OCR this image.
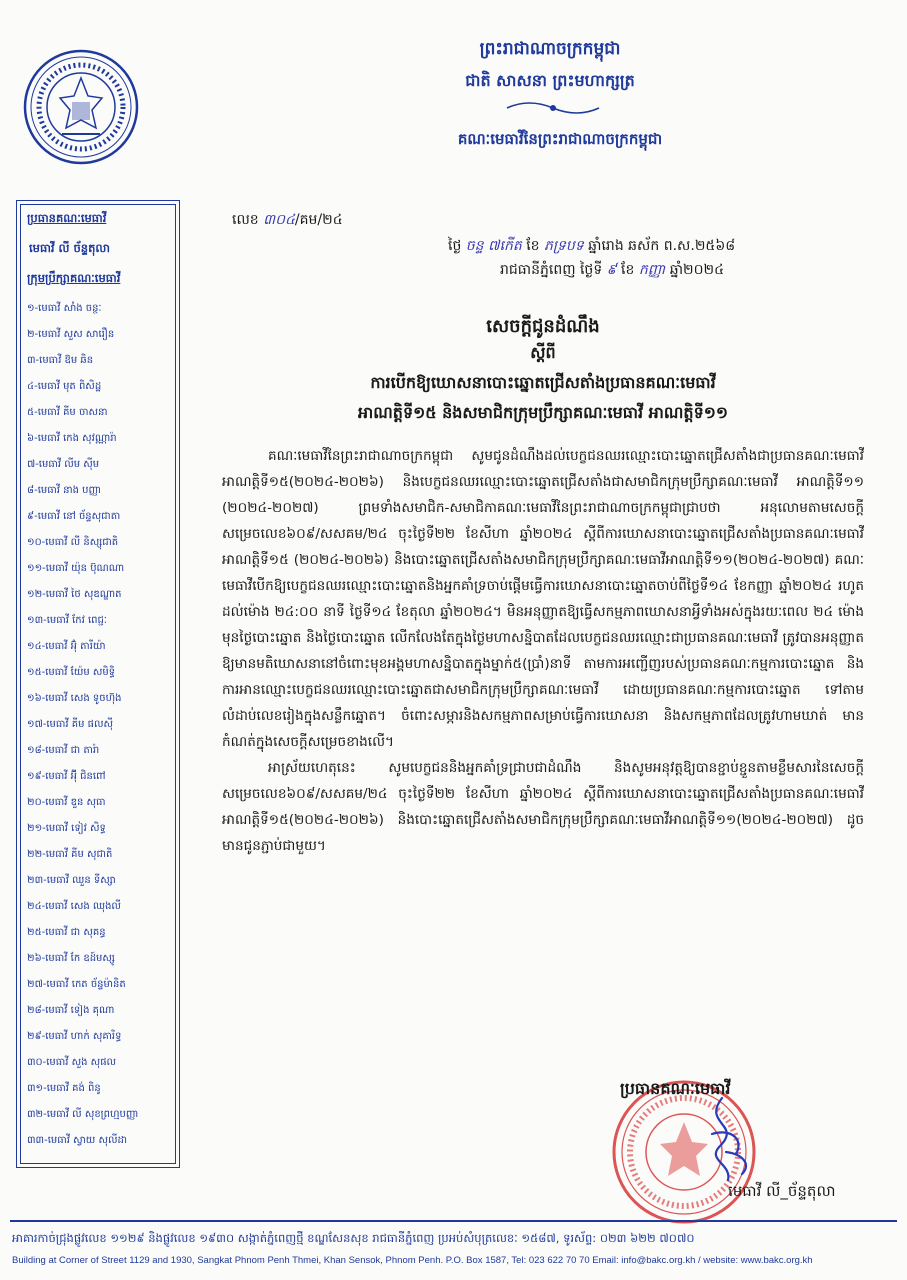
ព្រះរាជាណាចក្រកម្ពុជា
ជាតិ សាសនា ព្រះមហាក្សត្រ
គណៈមេធាវីនៃព្រះរាជាណាចក្រកម្ពុជា
ប្រធានគណៈមេធាវី
មេធាវី លី ច័ន្ទតុលា
ក្រុមប្រឹក្សាគណៈមេធាវី
១-មេធាវី សាំង ចន្ថៈ
២-មេធាវី សួស សារឿន
៣-មេធាវី ឱម ឆិន
៤-មេធាវី មុត ពិសិដ្ឋ
៥-មេធាវី គីម ចាសនា
៦-មេធាវី កេង សុវណ្ណារ៉ា
៧-មេធាវី លីម ស៊ីម
៨-មេធាវី នាង បញ្ញា
៩-មេធាវី នៅ ច័ន្ទសុជាតា
១០-មេធាវី លី និស្សុជាតិ
១១-មេធាវី យ៉ុន ប៊ុណណា
១២-មេធាវី ថៃ សុឌណ្ឌាត
១៣-មេធាវី កែវ ពេជ្ជៈ
១៤-មេធាវី អ៊ុំ តារីយ៉ា
១៥-មេធាវី យ៉ែម សមិទ្ធិ
១៦-មេធាវី សេង ទូចហ៊ុង
១៧-មេធាវី គីម ផលស៊ី
១៨-មេធាវី ជា តារ៉ា
១៩-មេធាវី អ៊ុី ជិនពៅ
២០-មេធាវី ឌួន សុធា
២១-មេធាវី ទៀវ សិទ្ធ
២២-មេធាវី គីម សុជាតិ
២៣-មេធាវី ឈួន ទីស្សា
២៤-មេធាវី សេង ឈុងលី
២៥-មេធាវី ជា សុគន្ធ
២៦-មេធាវី កែ ឧដ៍មស្សូ
២៧-មេធាវី កេត ច័ន្ទម៉ានិត
២៨-មេធាវី ទៀង គុណា
២៩-មេធាវី ហាក់ សុគារិទ្ធ
៣០-មេធាវី សួង សុផល
៣១-មេធាវី គង់ ពិនូ
៣២-មេធាវី លី សុខព្រហ្មបញ្ញា
៣៣-មេធាវី ស្វាយ សុលីដា
លេខ ៣០៤/គម/២៤
ថ្ងៃ ចន្ទ ៧កើត ខែ ភទ្របទ ឆ្នាំរោង ឆស័ក ព.ស.២៥៦៨
រាជធានីភ្នំពេញ ថ្ងៃទី ៩ ខែ កញ្ញា ឆ្នាំ២០២៤
សេចក្តីជូនដំណឹង
ស្តីពី
ការបើកឱ្យឃោសនាបោះឆ្នោតជ្រើសតាំងប្រធានគណៈមេធាវី
អាណត្តិទី១៥ និងសមាជិកក្រុមប្រឹក្សាគណៈមេធាវី អាណត្តិទី១១

គណៈមេធាវីនៃព្រះរាជាណាចក្រកម្ពុជា សូមជូនដំណឹងដល់បេក្ខជនឈរឈ្មោះបោះឆ្នោតជ្រើសតាំងជាប្រធានគណៈមេធាវី អាណត្តិទី១៥(២០២៤-២០២៦) និងបេក្ខជនឈរឈ្មោះបោះឆ្នោតជ្រើសតាំងជាសមាជិកក្រុមប្រឹក្សាគណៈមេធាវី អាណត្តិទី១១ (២០២៤-២០២៧) ព្រមទាំងសមាជិក-សមាជិកាគណៈមេធាវីនៃព្រះរាជាណាចក្រកម្ពុជាជ្រាបថា អនុលោមតាមសេចក្តីសម្រេចលេខ៦០៩/សសគម/២៤ ចុះថ្ងៃទី២២ ខែសីហា ឆ្នាំ២០២៤ ស្តីពីការឃោសនាបោះឆ្នោតជ្រើសតាំងប្រធានគណៈមេធាវីអាណត្តិទី១៥ (២០២៤-២០២៦) និងបោះឆ្នោតជ្រើសតាំងសមាជិកក្រុមប្រឹក្សាគណៈមេធាវីអាណត្តិទី១១(២០២៤-២០២៧) គណៈមេធាវីបើកឱ្យបេក្ខជនឈរឈ្មោះបោះឆ្នោតនិងអ្នកគាំទ្រចាប់ផ្តើមធ្វើការឃោសនាបោះឆ្នោតចាប់ពីថ្ងៃទី១៤ ខែកញ្ញា ឆ្នាំ២០២៤ រហូតដល់ម៉ោង ២៤:០០ នាទី ថ្ងៃទី១៤ ខែតុលា ឆ្នាំ២០២៤។ មិនអនុញ្ញាតឱ្យធ្វើសកម្មភាពឃោសនាអ្វីទាំងអស់ក្នុងរយៈពេល ២៤ ម៉ោងមុនថ្ងៃបោះឆ្នោត និងថ្ងៃបោះឆ្នោត លើកលែងតែក្នុងថ្ងៃមហាសន្និបាតដែលបេក្ខជនឈរឈ្មោះជាប្រធានគណៈមេធាវី ត្រូវបានអនុញ្ញាតឱ្យមានមតិឃោសនានៅចំពោះមុខអង្គមហាសន្និបាតក្នុងម្នាក់៥(ប្រាំ)នាទី តាមការអញ្ជើញរបស់ប្រធានគណៈកម្មការបោះឆ្នោត និងការអានឈ្មោះបេក្ខជនឈរឈ្មោះបោះឆ្នោតជាសមាជិកក្រុមប្រឹក្សាគណៈមេធាវី ដោយប្រធានគណៈកម្មការបោះឆ្នោត ទៅតាមលំដាប់លេខរៀងក្នុងសន្លឹកឆ្នោត។ ចំពោះសម្ភារនិងសកម្មភាពសម្រាប់ធ្វើការឃោសនា និងសកម្មភាពដែលត្រូវហាមឃាត់ មានកំណត់ក្នុងសេចក្តីសម្រេចខាងលើ។

អាស្រ័យហេតុនេះ សូមបេក្ខជននិងអ្នកគាំទ្រជ្រាបជាដំណឹង និងសូមអនុវត្តឱ្យបានខ្ជាប់ខ្ជួនតាមខ្លឹមសារនៃសេចក្តីសម្រេចលេខ៦០៩/សសគម/២៤ ចុះថ្ងៃទី២២ ខែសីហា ឆ្នាំ២០២៤ ស្តីពីការឃោសនាបោះឆ្នោតជ្រើសតាំងប្រធានគណៈមេធាវីអាណត្តិទី១៥(២០២៤-២០២៦) និងបោះឆ្នោតជ្រើសតាំងសមាជិកក្រុមប្រឹក្សាគណៈមេធាវីអាណត្តិទី១១(២០២៤-២០២៧) ដូចមានជូនភ្ជាប់ជាមួយ។

ប្រធានគណៈមេធាវី
មេធាវី លី_ច័ន្ទតុលា
អាគារកាច់ជ្រុងផ្លូវលេខ ១១២៩ និងផ្លូវលេខ ១៩៣០ សង្កាត់ភ្នំពេញថ្មី ខណ្ឌសែនសុខ រាជធានីភ្នំពេញ ប្រអប់សំបុត្រលេខៈ ១៥៨៧, ទូរស័ព្ទ: ០២៣ ៦២២ ៧០៧០
Building at Corner of Street 1129 and 1930, Sangkat Phnom Penh Thmei, Khan Sensok, Phnom Penh. P.O. Box 1587, Tel: 023 622 70 70 Email: info@bakc.org.kh / website: www.bakc.org.kh
